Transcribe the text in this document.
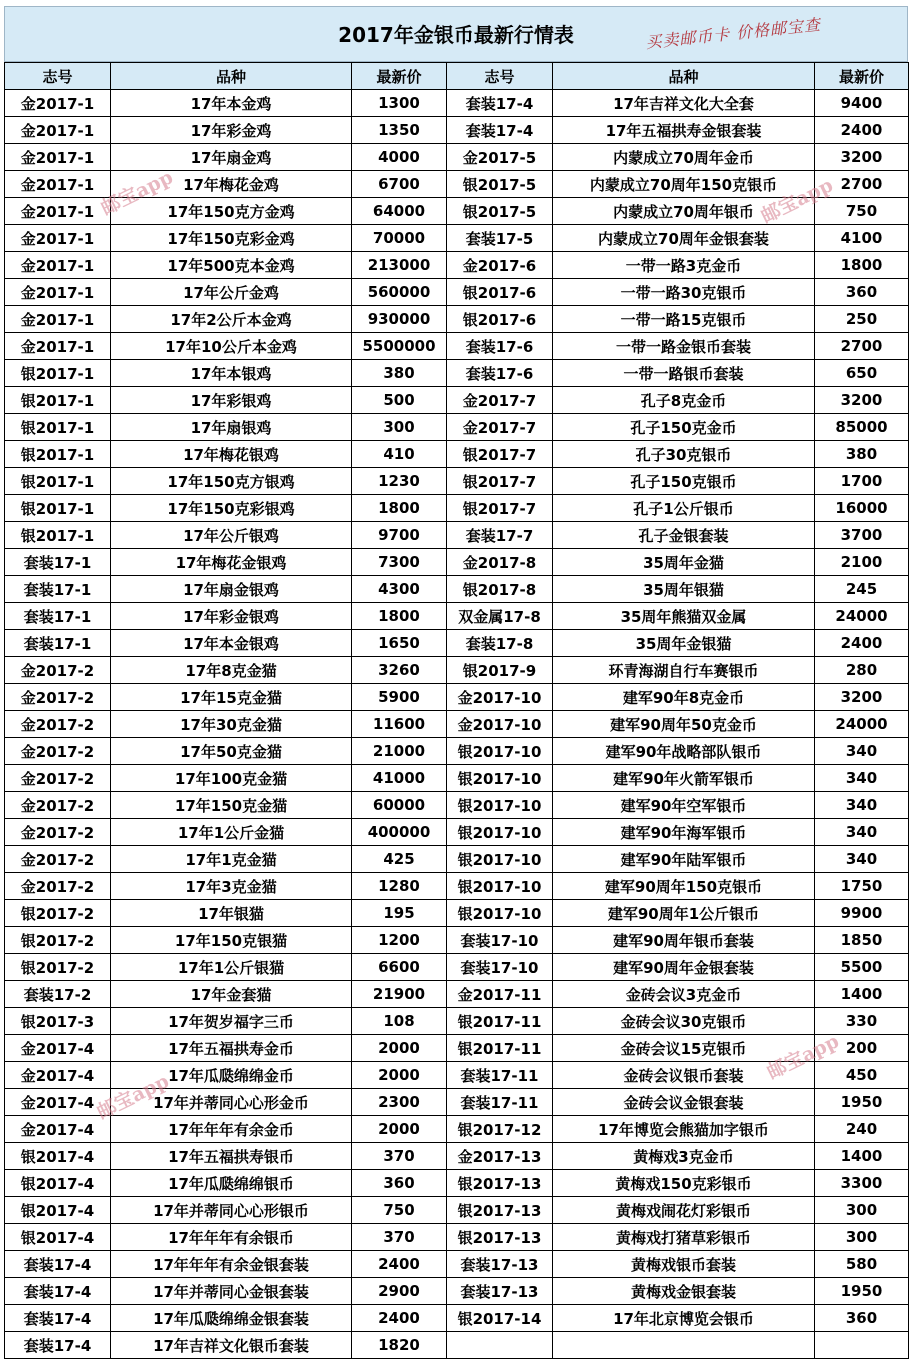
2017年金银币最新行情表	买卖邮币卡 价格邮宝查
志号	品种	最新价	志号	品种	最新价
金2017-1	17年本金鸡	1300	套装17-4	17年吉祥文化大全套	9400
金2017-1	17年彩金鸡	1350	套装17-4	17年五福拱寿金银套装	2400
金2017-1	17年扇金鸡	4000	金2017-5	内蒙成立70周年金币	3200
金2017-1	17年梅花金鸡	6700	银2017-5	内蒙成立70周年150克银币	2700
金2017-1	17年150克方金鸡	64000	银2017-5	内蒙成立70周年银币	750
金2017-1	17年150克彩金鸡	70000	套装17-5	内蒙成立70周年金银套装	4100
金2017-1	17年500克本金鸡	213000	金2017-6	一带一路3克金币	1800
金2017-1	17年公斤金鸡	560000	银2017-6	一带一路30克银币	360
金2017-1	17年2公斤本金鸡	930000	银2017-6	一带一路15克银币	250
金2017-1	17年10公斤本金鸡	5500000	套装17-6	一带一路金银币套装	2700
银2017-1	17年本银鸡	380	套装17-6	一带一路银币套装	650
银2017-1	17年彩银鸡	500	金2017-7	孔子8克金币	3200
银2017-1	17年扇银鸡	300	金2017-7	孔子150克金币	85000
银2017-1	17年梅花银鸡	410	银2017-7	孔子30克银币	380
银2017-1	17年150克方银鸡	1230	银2017-7	孔子150克银币	1700
银2017-1	17年150克彩银鸡	1800	银2017-7	孔子1公斤银币	16000
银2017-1	17年公斤银鸡	9700	套装17-7	孔子金银套装	3700
套装17-1	17年梅花金银鸡	7300	金2017-8	35周年金猫	2100
套装17-1	17年扇金银鸡	4300	银2017-8	35周年银猫	245
套装17-1	17年彩金银鸡	1800	双金属17-8	35周年熊猫双金属	24000
套装17-1	17年本金银鸡	1650	套装17-8	35周年金银猫	2400
金2017-2	17年8克金猫	3260	银2017-9	环青海湖自行车赛银币	280
金2017-2	17年15克金猫	5900	金2017-10	建军90年8克金币	3200
金2017-2	17年30克金猫	11600	金2017-10	建军90周年50克金币	24000
金2017-2	17年50克金猫	21000	银2017-10	建军90年战略部队银币	340
金2017-2	17年100克金猫	41000	银2017-10	建军90年火箭军银币	340
金2017-2	17年150克金猫	60000	银2017-10	建军90年空军银币	340
金2017-2	17年1公斤金猫	400000	银2017-10	建军90年海军银币	340
金2017-2	17年1克金猫	425	银2017-10	建军90年陆军银币	340
金2017-2	17年3克金猫	1280	银2017-10	建军90周年150克银币	1750
银2017-2	17年银猫	195	银2017-10	建军90周年1公斤银币	9900
银2017-2	17年150克银猫	1200	套装17-10	建军90周年银币套装	1850
银2017-2	17年1公斤银猫	6600	套装17-10	建军90周年金银套装	5500
套装17-2	17年金套猫	21900	金2017-11	金砖会议3克金币	1400
银2017-3	17年贺岁福字三币	108	银2017-11	金砖会议30克银币	330
金2017-4	17年五福拱寿金币	2000	银2017-11	金砖会议15克银币	200
金2017-4	17年瓜瓞绵绵金币	2000	套装17-11	金砖会议银币套装	450
金2017-4	17年并蒂同心心形金币	2300	套装17-11	金砖会议金银套装	1950
金2017-4	17年年年有余金币	2000	银2017-12	17年博览会熊猫加字银币	240
银2017-4	17年五福拱寿银币	370	金2017-13	黄梅戏3克金币	1400
银2017-4	17年瓜瓞绵绵银币	360	银2017-13	黄梅戏150克彩银币	3300
银2017-4	17年并蒂同心心形银币	750	银2017-13	黄梅戏闹花灯彩银币	300
银2017-4	17年年年有余银币	370	银2017-13	黄梅戏打猪草彩银币	300
套装17-4	17年年年有余金银套装	2400	套装17-13	黄梅戏银币套装	580
套装17-4	17年并蒂同心金银套装	2900	套装17-13	黄梅戏金银套装	1950
套装17-4	17年瓜瓞绵绵金银套装	2400	银2017-14	17年北京博览会银币	360
套装17-4	17年吉祥文化银币套装	1820			
邮宝app	邮宝app
邮宝app
邮宝app
